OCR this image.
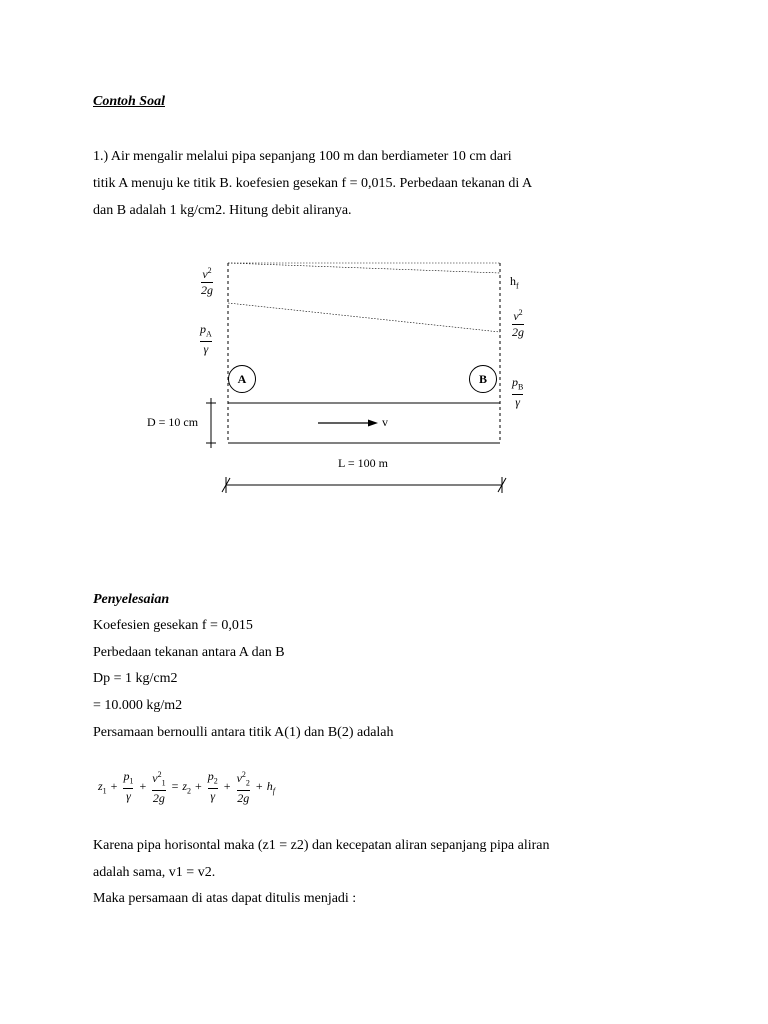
Contoh Soal
1.) Air mengalir melalui pipa sepanjang 100 m dan berdiameter 10 cm dari
titik A menuju ke titik B. koefesien gesekan f = 0,015. Perbedaan tekanan di A
dan B adalah 1 kg/cm2. Hitung debit aliranya.
$v^2$
2g
$p_A$
γ
$h_f$
$v^2$
2g
$p_B$
γ
A	B
D = 10 cm	v
L = 100 m
Penyelesaian
Koefesien gesekan f = 0,015
Perbedaan tekanan antara A dan B
Dp = 1 kg/cm2
= 10.000 kg/m2
Persamaan bernoulli antara titik A(1) dan B(2) adalah
$z_1 + \frac{p_1}{\gamma} + \frac{v^2_1}{2g} = z_2 + \frac{p_2}{\gamma} + \frac{v^2_2}{2g} + h_f$
Karena pipa horisontal maka (z1 = z2) dan kecepatan aliran sepanjang pipa aliran
adalah sama, v1 = v2.
Maka persamaan di atas dapat ditulis menjadi :
